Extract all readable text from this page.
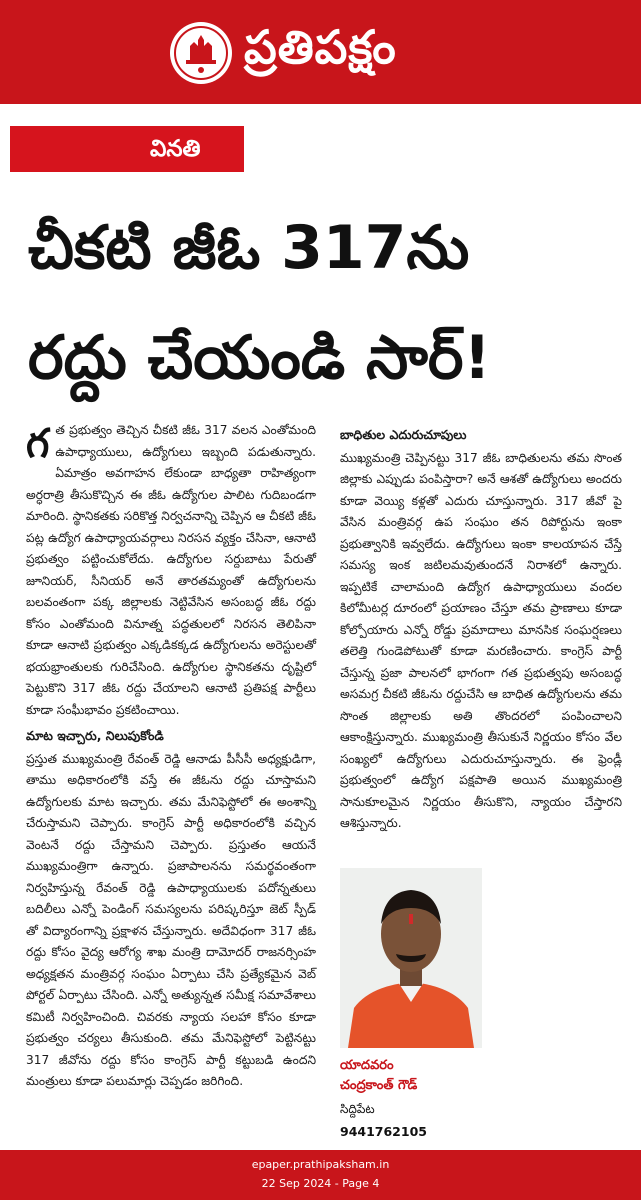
ప్రతిపక్షం
వినతి
చీకటి జీఓ 317ను
రద్దు చేయండి సార్!
గ త ప్రభుత్వం తెచ్చిన చీకటి జీఓ 317 వలన ఎంతోమంది ఉపాధ్యాయులు, ఉద్యోగులు ఇబ్బంది పడుతున్నారు. ఏమాత్రం అవగాహన లేకుండా బాధ్యతా రాహిత్యంగా అర్ధరాత్రి తీసుకొచ్చిన ఈ జీఓ ఉద్యోగుల పాలిట గుదిబండగా మారింది. స్థానికతకు సరికొత్త నిర్వచనాన్ని చెప్పిన ఆ చీకటి జీఓ పట్ల ఉద్యోగ ఉపాధ్యాయవర్గాలు నిరసన వ్యక్తం చేసినా, ఆనాటి ప్రభుత్వం పట్టించుకోలేదు. ఉద్యోగుల సర్దుబాటు పేరుతో జూనియర్, సీనియర్ అనే తారతమ్యంతో ఉద్యోగులను బలవంతంగా పక్క జిల్లాలకు నెట్టివేసిన అసంబద్ధ జీఓ రద్దు కోసం ఎంతోమంది వినూత్న పద్ధతులలో నిరసన తెలిపినా కూడా ఆనాటి ప్రభుత్వం ఎక్కడికక్కడ ఉద్యోగులను అరెస్టులతో భయభ్రాంతులకు గురిచేసింది. ఉద్యోగుల స్థానికతను దృష్టిలో పెట్టుకొని 317 జీఓ రద్దు చేయాలని ఆనాటి ప్రతిపక్ష పార్టీలు కూడా సంఘీభావం ప్రకటించాయి.

మాట ఇచ్చారు, నిలుపుకోండి

ప్రస్తుత ముఖ్యమంత్రి రేవంత్ రెడ్డి ఆనాడు పీసీసీ అధ్యక్షుడిగా, తాము అధికారంలోకి వస్తే ఈ జీఓను రద్దు చూస్తామని ఉద్యోగులకు మాట ఇచ్చారు. తమ మేనిఫెస్టోలో ఈ అంశాన్ని చేరుస్తామని చెప్పారు. కాంగ్రెస్ పార్టీ అధికారంలోకి వచ్చిన వెంటనే రద్దు చేస్తామని చెప్పారు. ప్రస్తుతం ఆయనే ముఖ్యమంత్రిగా ఉన్నారు. ప్రజాపాలనను సమర్థవంతంగా నిర్వహిస్తున్న రేవంత్ రెడ్డి ఉపాధ్యాయులకు పదోన్నతులు బదిలీలు ఎన్నో పెండింగ్ సమస్యలను పరిష్కరిస్తూ జెట్ స్పీడ్ తో విద్యారంగాన్ని ప్రక్షాళన చేస్తున్నారు. అదేవిధంగా 317 జీఓ రద్దు కోసం వైద్య ఆరోగ్య శాఖ మంత్రి దామోదర్ రాజనర్సింహ అధ్యక్షతన మంత్రివర్గ సంఘం ఏర్పాటు చేసి ప్రత్యేకమైన వెబ్ పోర్టల్ ఏర్పాటు చేసింది. ఎన్నో అత్యున్నత సమీక్ష సమావేశాలు కమిటీ నిర్వహించింది. చివరకు న్యాయ సలహా కోసం కూడా ప్రభుత్వం చర్యలు తీసుకుంది. తమ మేనిఫెస్టోలో పెట్టినట్టు 317 జీవోను రద్దు కోసం కాంగ్రెస్ పార్టీ కట్టుబడి ఉందని మంత్రులు కూడా పలుమార్లు చెప్పడం జరిగింది.

బాధితుల ఎదురుచూపులు

ముఖ్యమంత్రి చెప్పినట్టు 317 జీఓ బాధితులను తమ సొంత జిల్లాకు ఎప్పుడు పంపిస్తారా? అనే ఆశతో ఉద్యోగులు అందరు కూడా వెయ్యి కళ్లతో ఎదురు చూస్తున్నారు. 317 జీవో పై వేసిన మంత్రివర్గ ఉప సంఘం తన రిపోర్టును ఇంకా ప్రభుత్వానికి ఇవ్వలేదు. ఉద్యోగులు ఇంకా కాలయాపన చేస్తే సమస్య ఇంక జటిలమవుతుందనే నిరాశలో ఉన్నారు. ఇప్పటికే చాలామంది ఉద్యోగ ఉపాధ్యాయులు వందల కిలోమీటర్ల దూరంలో ప్రయాణం చేస్తూ తమ ప్రాణాలు కూడా కోల్పోయారు ఎన్నో రోడ్డు ప్రమాదాలు మానసిక సంఘర్షణలు తలెత్తి గుండెపోటుతో కూడా మరణించారు. కాంగ్రెస్ పార్టీ చేస్తున్న ప్రజా పాలనలో భాగంగా గత ప్రభుత్వపు అసంబద్ధ అసమగ్ర చీకటి జీఓను రద్దుచేసి ఆ బాధిత ఉద్యోగులను తమ సొంత జిల్లాలకు అతి తొందరలో పంపించాలని ఆకాంక్షిస్తున్నారు. ముఖ్యమంత్రి తీసుకునే నిర్ణయం కోసం వేల సంఖ్యలో ఉద్యోగులు ఎదురుచూస్తున్నారు. ఈ ఫ్రెండ్లీ ప్రభుత్వంలో ఉద్యోగ పక్షపాతి అయిన ముఖ్యమంత్రి సానుకూలమైన నిర్ణయం తీసుకొని, న్యాయం చేస్తారని ఆశిస్తున్నారు.

యాదవరం
చంద్రకాంత్ గౌడ్
సిద్దిపేట
9441762105
epaper.prathipaksham.in
22 Sep 2024 - Page 4
